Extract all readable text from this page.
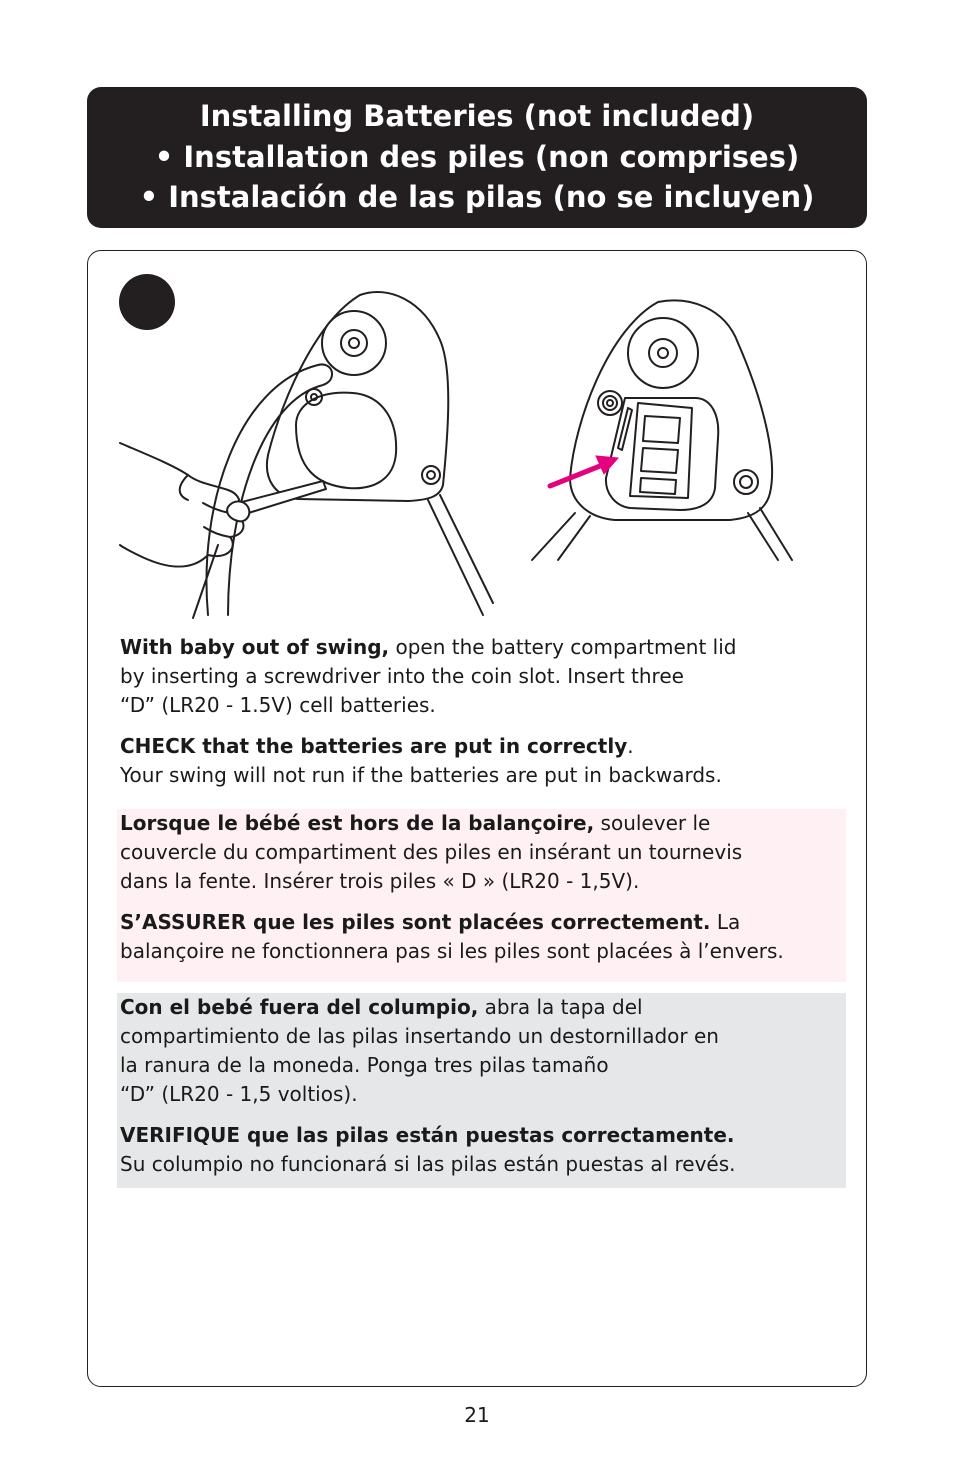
Installing Batteries (not included)
• Installation des piles (non comprises)
• Instalación de las pilas (no se incluyen)

With baby out of swing, open the battery compartment lid
by inserting a screwdriver into the coin slot. Insert three
“D” (LR20 - 1.5V) cell batteries.

CHECK that the batteries are put in correctly.
Your swing will not run if the batteries are put in backwards.

Lorsque le bébé est hors de la balançoire, soulever le
couvercle du compartiment des piles en insérant un tournevis
dans la fente. Insérer trois piles « D » (LR20 - 1,5V).

S’ASSURER que les piles sont placées correctement. La
balançoire ne fonctionnera pas si les piles sont placées à l’envers.

Con el bebé fuera del columpio, abra la tapa del
compartimiento de las pilas insertando un destornillador en
la ranura de la moneda. Ponga tres pilas tamaño
“D” (LR20 - 1,5 voltios).

VERIFIQUE que las pilas están puestas correctamente.
Su columpio no funcionará si las pilas están puestas al revés.

21
